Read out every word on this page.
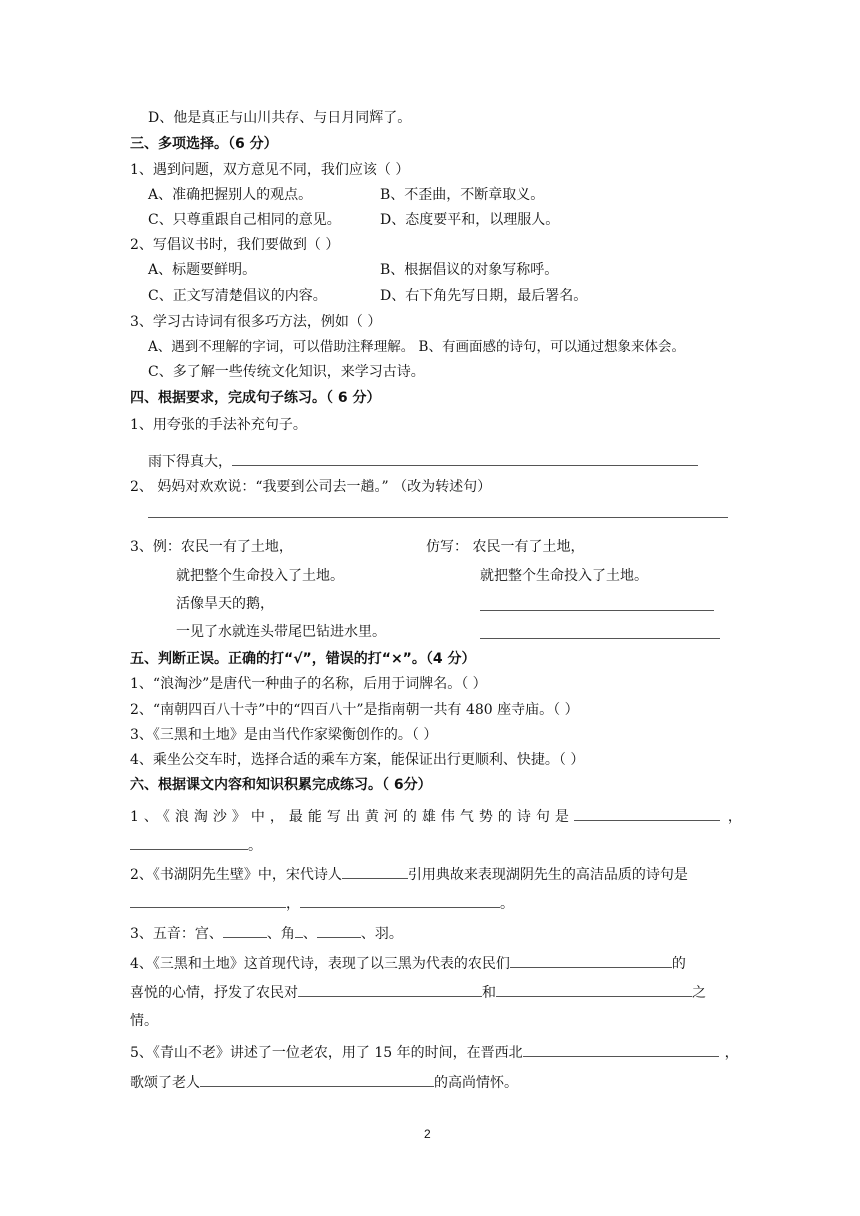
D、他是真正与山川共存、与日月同辉了。
三、多项选择。（6 分）
1、遇到问题，双方意见不同，我们应该（ ）
A、准确把握别人的观点。	B、不歪曲，不断章取义。
C、只尊重跟自己相同的意见。	D、态度要平和，以理服人。
2、写倡议书时，我们要做到（ ）
A、标题要鲜明。	B、根据倡议的对象写称呼。
C、正文写清楚倡议的内容。	D、右下角先写日期，最后署名。
3、学习古诗词有很多巧方法，例如（ ）
A、遇到不理解的字词，可以借助注释理解。 B、有画面感的诗句，可以通过想象来体会。
C、多了解一些传统文化知识，来学习古诗。
四、根据要求，完成句子练习。（ 6 分）
1、用夸张的手法补充句子。
雨下得真大，
2、 妈妈对欢欢说：“我要到公司去一趟。” （改为转述句）
3、例：农民一有了土地，	仿写： 农民一有了土地，
就把整个生命投入了土地。	就把整个生命投入了土地。
活像旱天的鹅，
一见了水就连头带尾巴钻进水里。
五、判断正误。正确的打“√”，错误的打“×”。（4 分）
1、“浪淘沙”是唐代一种曲子的名称，后用于词牌名。（ ）
2、“南朝四百八十寺”中的“四百八十”是指南朝一共有 480 座寺庙。（ ）
3、《三黑和土地》是由当代作家梁衡创作的。（ ）
4、乘坐公交车时，选择合适的乘车方案，能保证出行更顺利、快捷。（ ）
六、根据课文内容和知识积累完成练习。（ 6分）
1、《浪淘沙》中，最能写出黄河的雄伟气势的诗句是	，
。
2、《书湖阴先生壁》中，宋代诗人	引用典故来表现湖阴先生的高洁品质的诗句是
，	。
3、五音：宫、	、角 、	、羽。
4、《三黑和土地》这首现代诗，表现了以三黑为代表的农民们	的
喜悦的心情，抒发了农民对	和	之
情。
5、《青山不老》讲述了一位老农，用了 15 年的时间，在晋西北	，
歌颂了老人	的高尚情怀。
2
